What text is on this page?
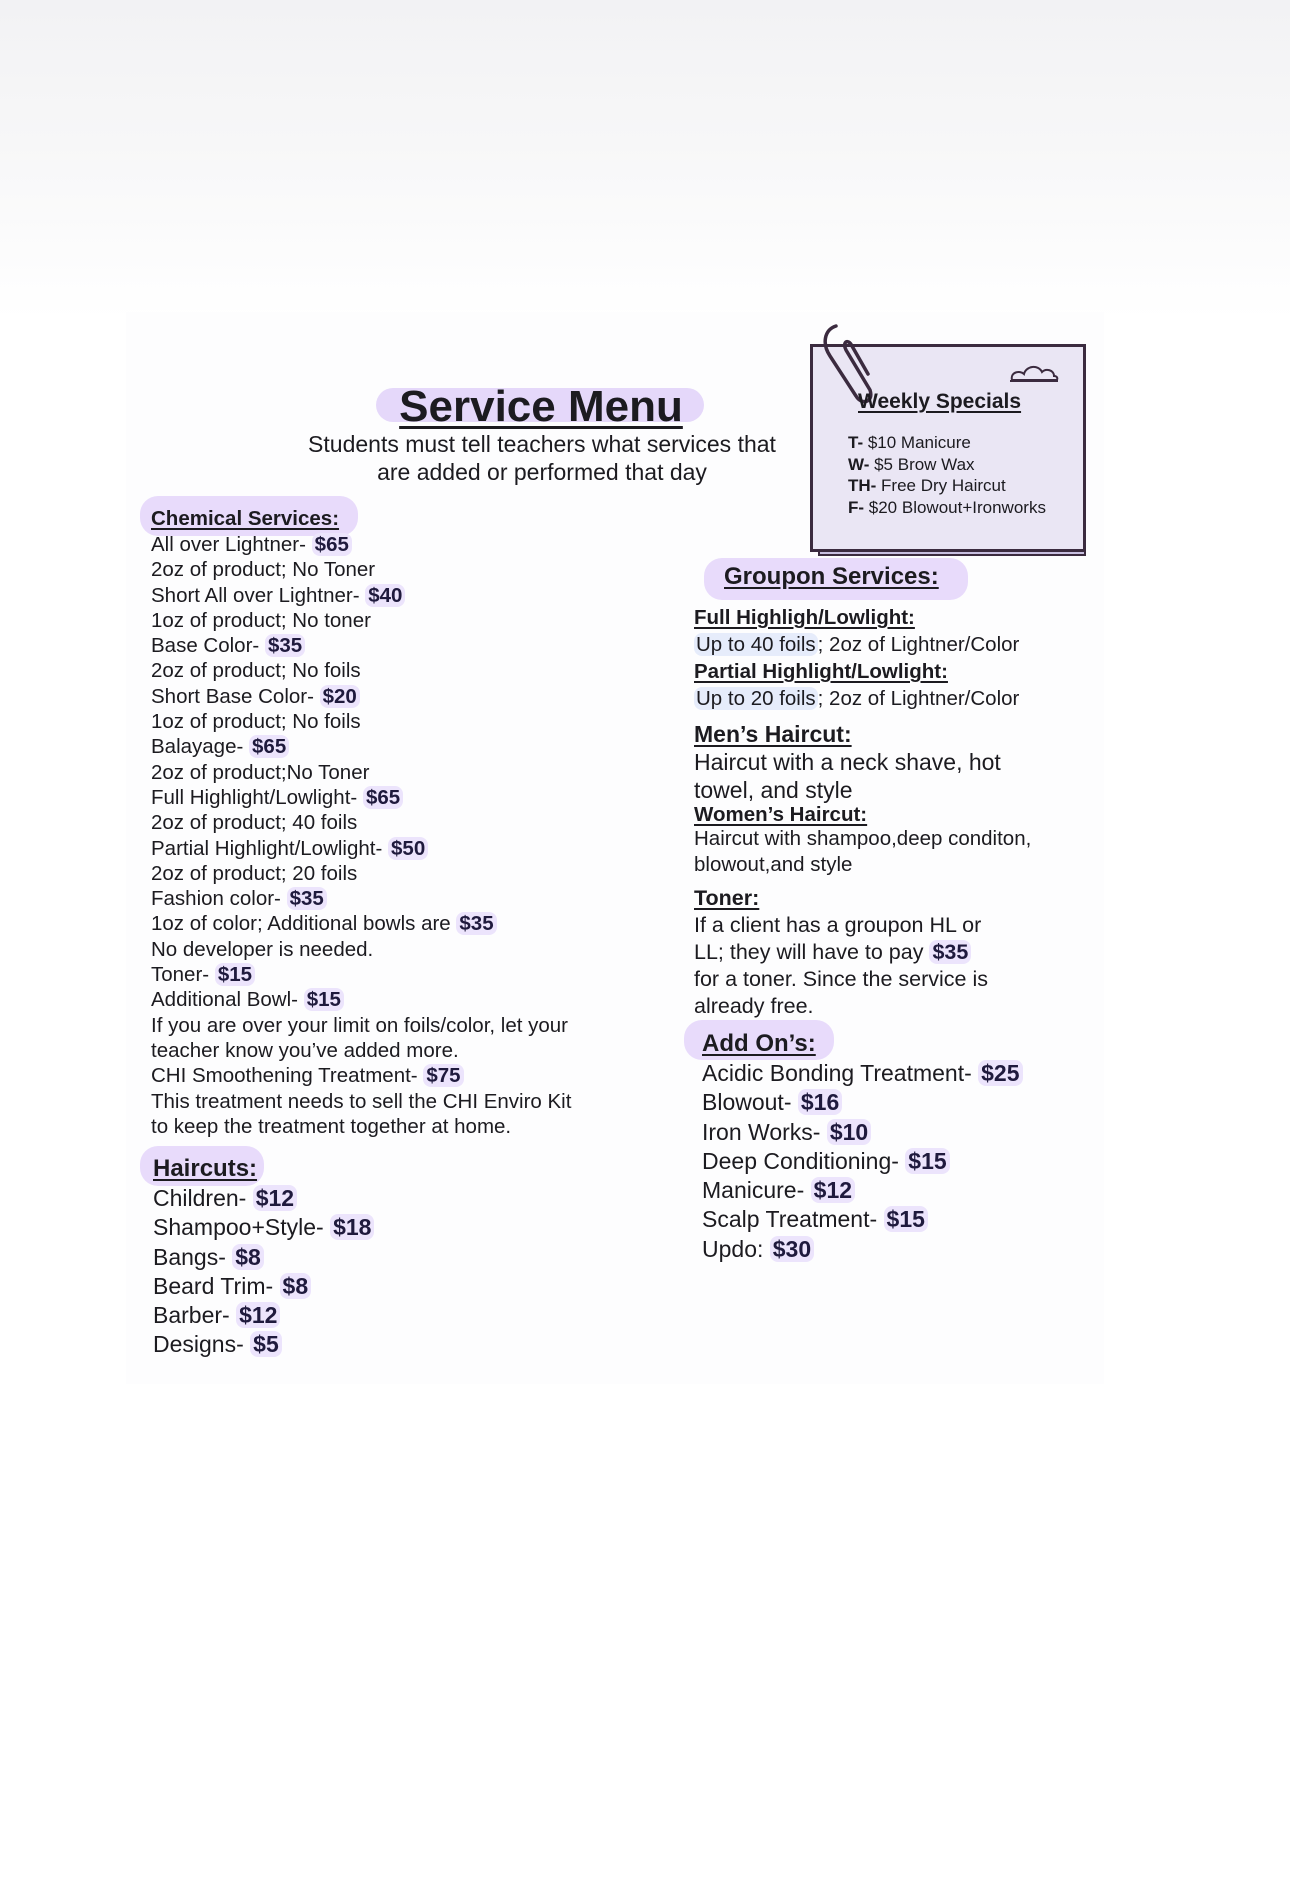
Service Menu

Students must tell teachers what services that are added or performed that day

Weekly Specials
T- $10 Manicure
W- $5 Brow Wax
TH- Free Dry Haircut
F- $20 Blowout+Ironworks
Chemical Services:
All over Lightner- $65
2oz of product; No Toner
Short All over Lightner- $40
1oz of product; No toner
Base Color- $35
2oz of product; No foils
Short Base Color- $20
1oz of product; No foils
Balayage- $65
2oz of product;No Toner
Full Highlight/Lowlight- $65
2oz of product; 40 foils
Partial Highlight/Lowlight- $50
2oz of product; 20 foils
Fashion color- $35
1oz of color; Additional bowls are $35
No developer is needed.
Toner- $15
Additional Bowl- $15
If you are over your limit on foils/color, let your
teacher know you’ve added more.
CHI Smoothening Treatment- $75
This treatment needs to sell the CHI Enviro Kit
to keep the treatment together at home.
Haircuts:
Children- $12
Shampoo+Style- $18
Bangs- $8
Beard Trim- $8
Barber- $12
Designs- $5
Groupon Services:
Full Highligh/Lowlight:
Up to 40 foils; 2oz of Lightner/Color
Partial Highlight/Lowlight:
Up to 20 foils; 2oz of Lightner/Color
Men’s Haircut:
Haircut with a neck shave, hot
towel, and style
Women’s Haircut:
Haircut with shampoo,deep conditon,
blowout,and style
Toner:
If a client has a groupon HL or
LL; they will have to pay $35
for a toner. Since the service is
already free.
Add On’s:
Acidic Bonding Treatment- $25
Blowout- $16
Iron Works- $10
Deep Conditioning- $15
Manicure- $12
Scalp Treatment- $15
Updo: $30
